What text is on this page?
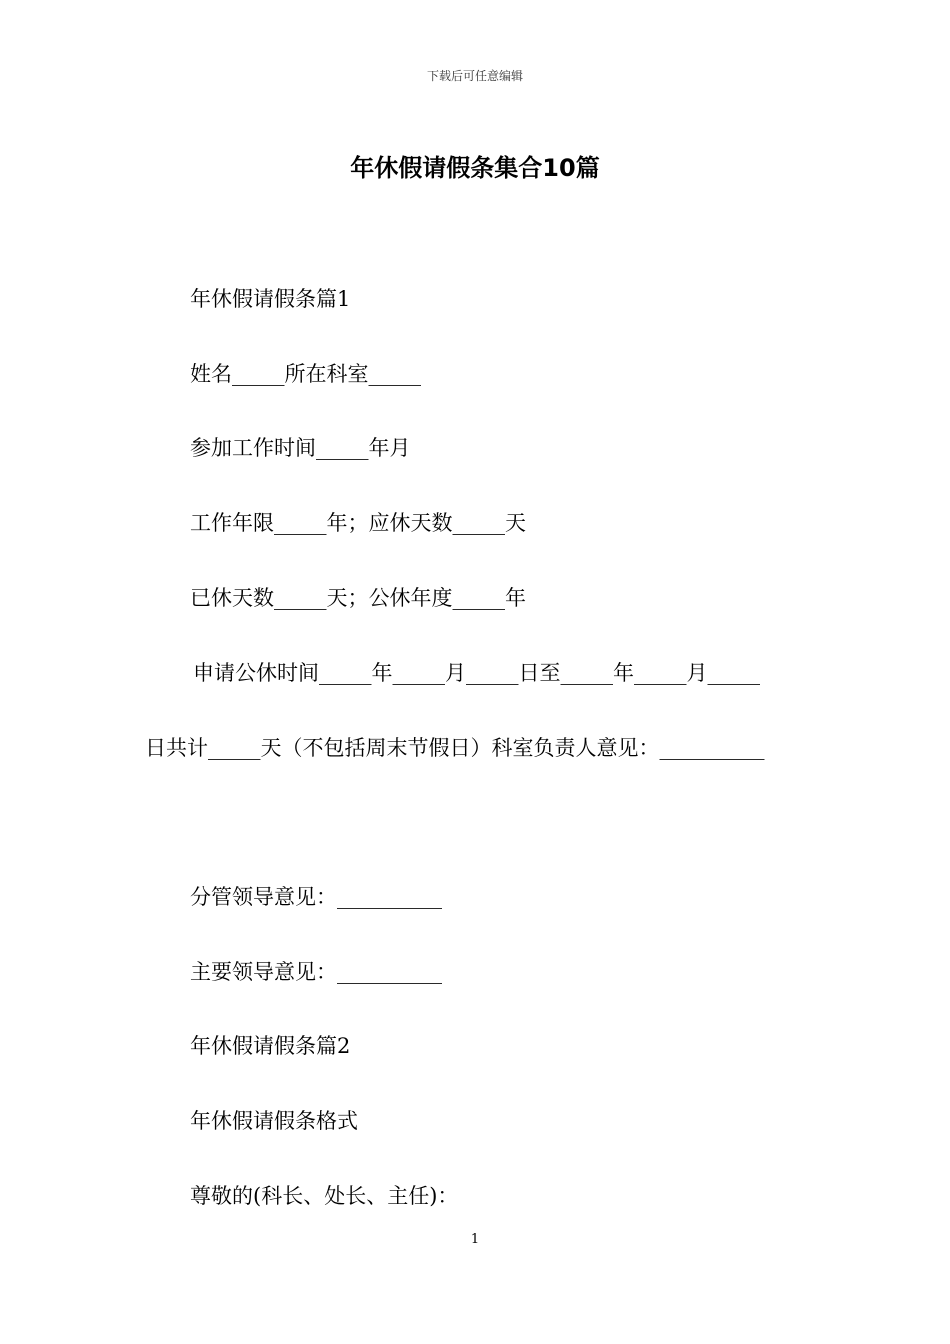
下载后可任意编辑
年休假请假条集合10篇

年休假请假条篇1

姓名_____所在科室_____

参加工作时间_____年月

工作年限_____年；应休天数_____天

已休天数_____天；公休年度_____年

申请公休时间_____年_____月_____日至_____年_____月_____

日共计_____天（不包括周末节假日）科室负责人意见：__________

分管领导意见：__________

主要领导意见：__________

年休假请假条篇2

年休假请假条格式

尊敬的(科长、处长、主任)：

1
